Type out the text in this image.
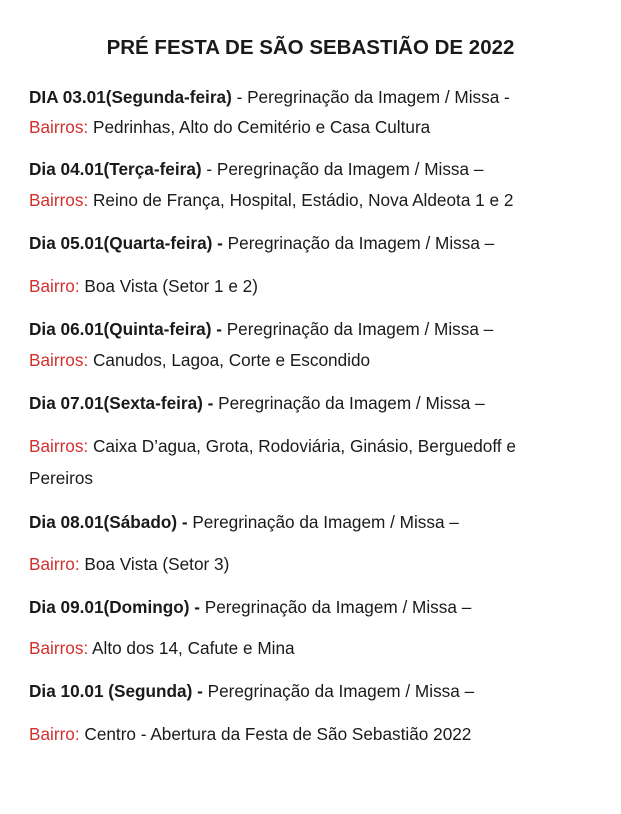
PRÉ FESTA DE SÃO SEBASTIÃO DE 2022
DIA 03.01(Segunda-feira) - Peregrinação da Imagem / Missa -
Bairros: Pedrinhas, Alto do Cemitério e Casa Cultura
Dia 04.01(Terça-feira) - Peregrinação da Imagem / Missa –
Bairros: Reino de França, Hospital, Estádio, Nova Aldeota 1 e 2
Dia 05.01(Quarta-feira) - Peregrinação da Imagem / Missa –
Bairro: Boa Vista (Setor 1 e 2)
Dia 06.01(Quinta-feira) - Peregrinação da Imagem / Missa –
Bairros: Canudos, Lagoa, Corte e Escondido
Dia 07.01(Sexta-feira) - Peregrinação da Imagem / Missa –
Bairros: Caixa D’agua, Grota, Rodoviária, Ginásio, Berguedoff e
Pereiros
Dia 08.01(Sábado) - Peregrinação da Imagem / Missa –
Bairro: Boa Vista (Setor 3)
Dia 09.01(Domingo) - Peregrinação da Imagem / Missa –
Bairros: Alto dos 14, Cafute e Mina
Dia 10.01 (Segunda) - Peregrinação da Imagem / Missa –
Bairro: Centro - Abertura da Festa de São Sebastião 2022
